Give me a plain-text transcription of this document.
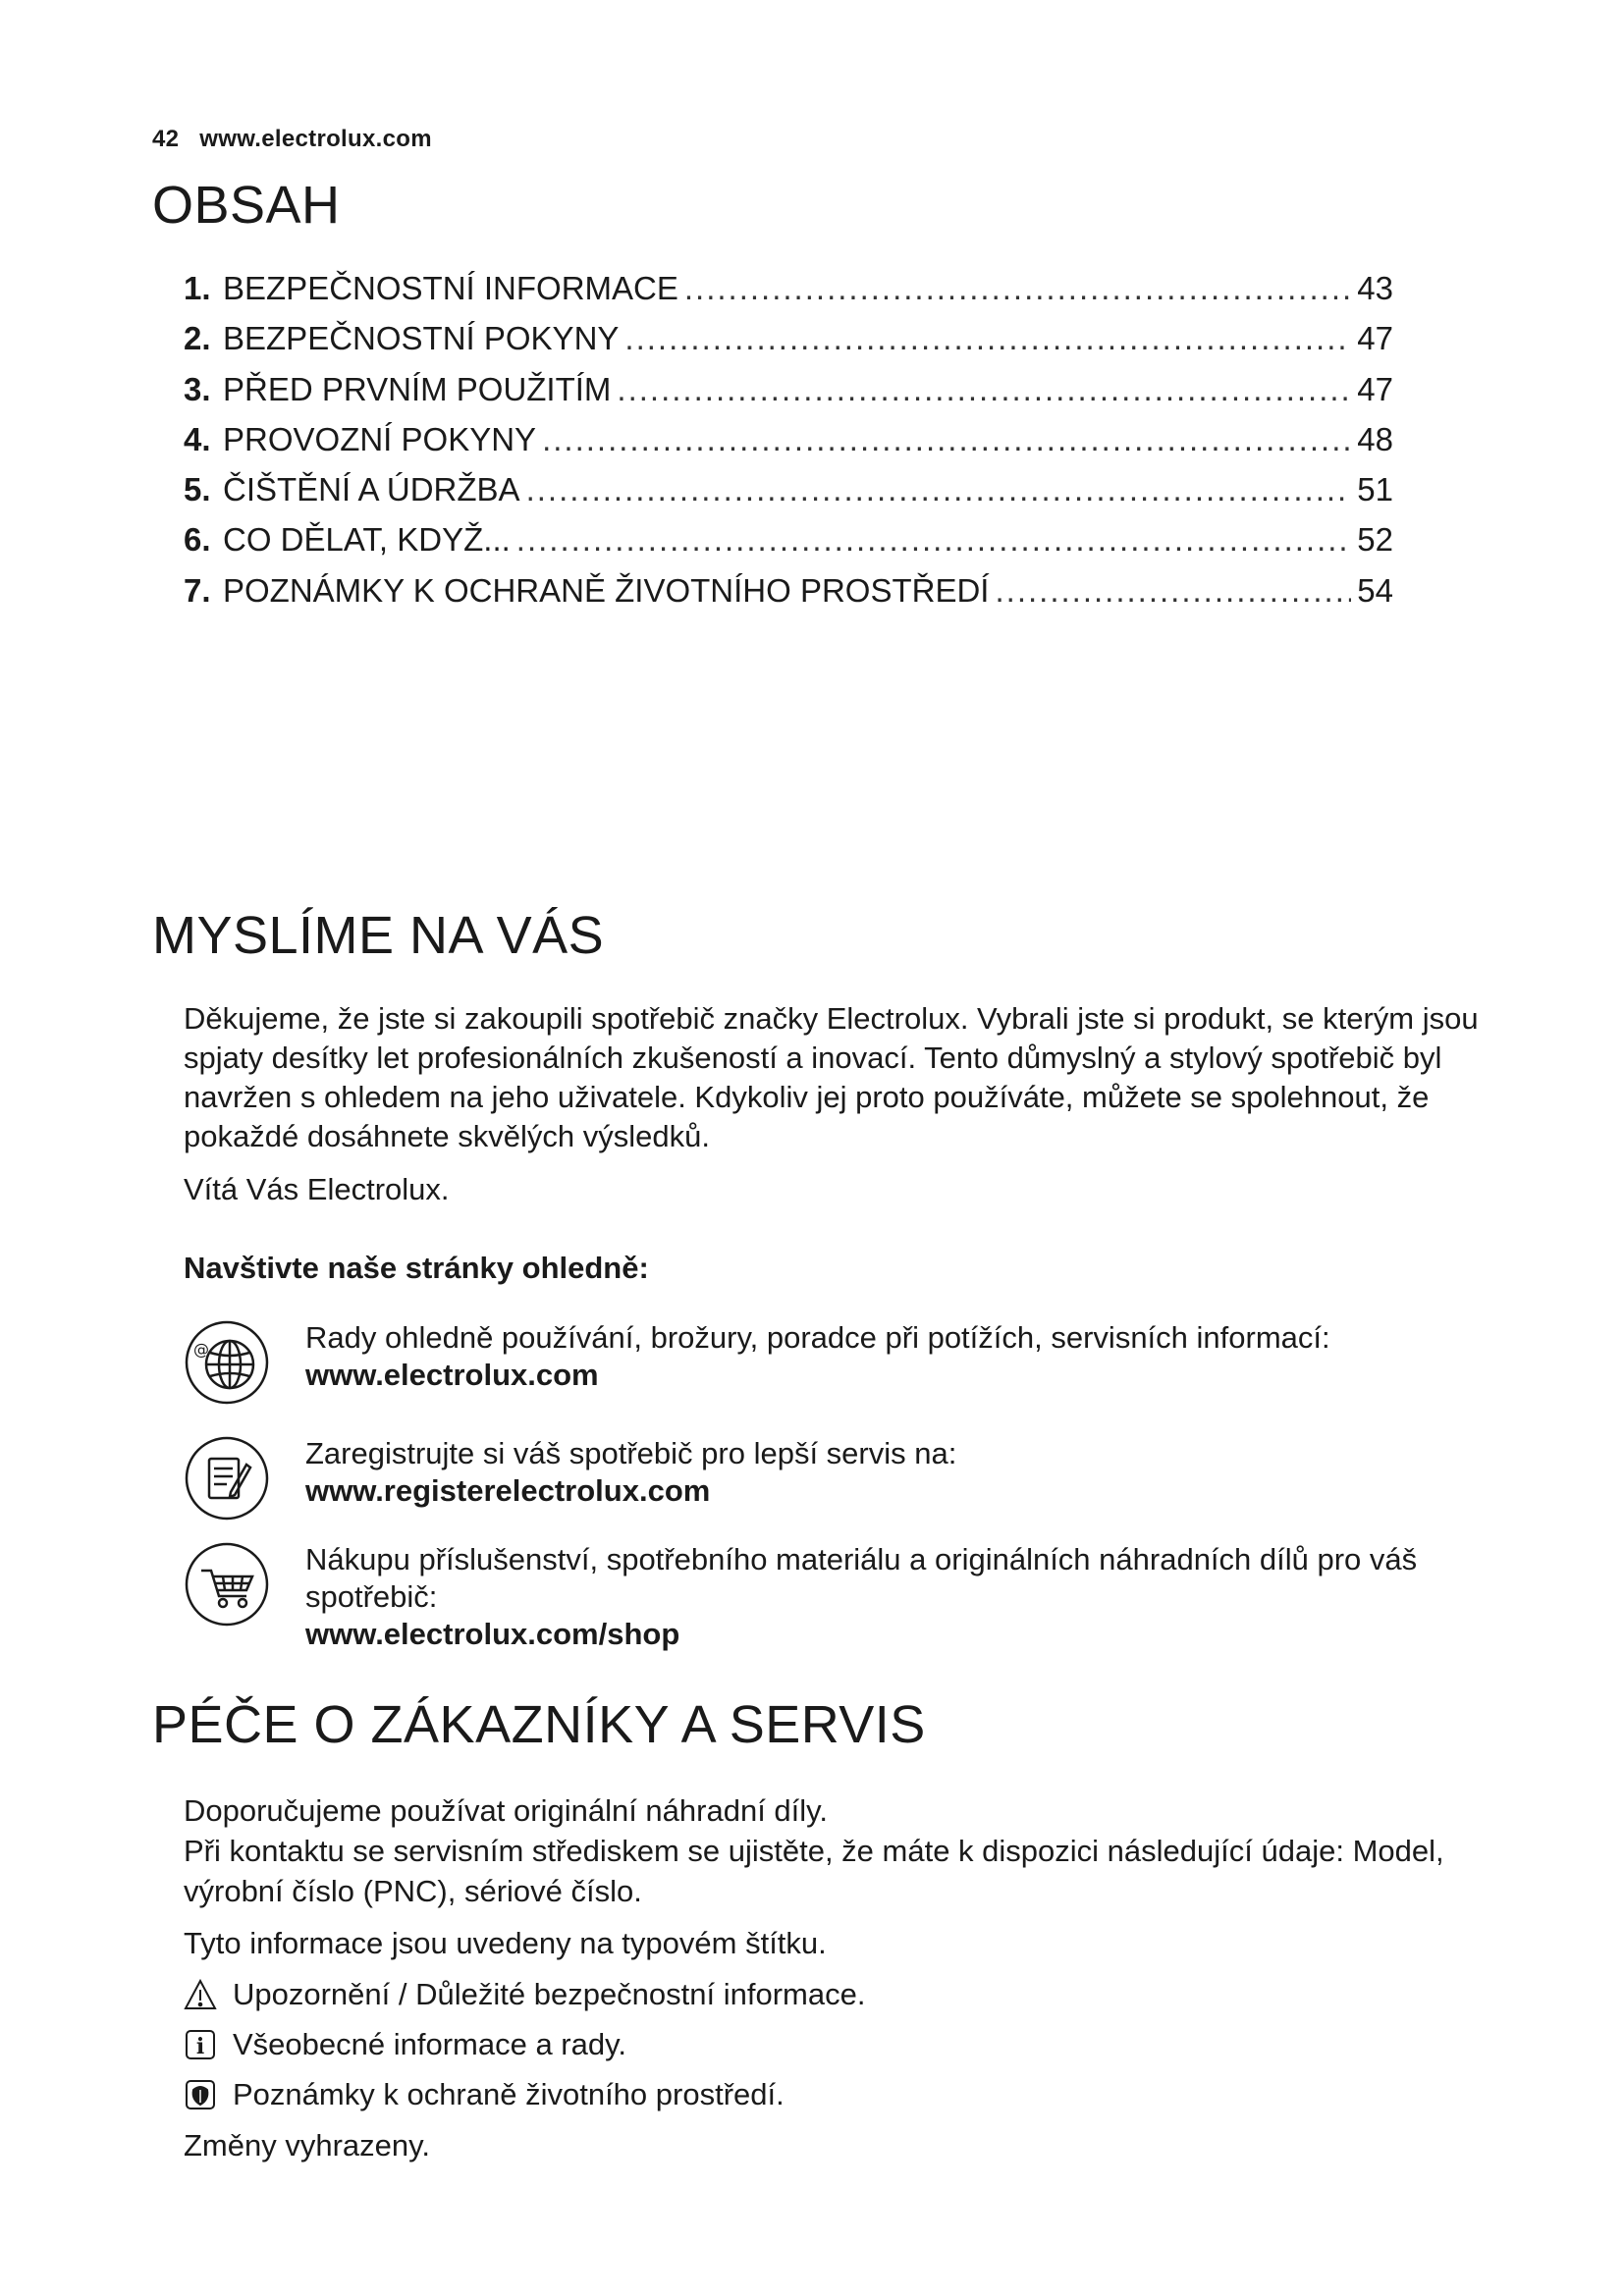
42 www.electrolux.com
OBSAH
1. BEZPEČNOSTNÍ INFORMACE .....	43
2. BEZPEČNOSTNÍ POKYNY .....	47
3. PŘED PRVNÍM POUŽITÍM .....	47
4. PROVOZNÍ POKYNY .....	48
5. ČIŠTĚNÍ A ÚDRŽBA .....	51
6. CO DĚLAT, KDYŽ... .....	52
7. POZNÁMKY K OCHRANĚ ŽIVOTNÍHO PROSTŘEDÍ .....	54
MYSLÍME NA VÁS

Děkujeme, že jste si zakoupili spotřebič značky Electrolux. Vybrali jste si produkt, se kterým jsou spjaty desítky let profesionálních zkušeností a inovací. Tento důmyslný a stylový spotřebič byl navržen s ohledem na jeho uživatele. Kdykoliv jej proto používáte, můžete se spolehnout, že pokaždé dosáhnete skvělých výsledků.

Vítá Vás Electrolux.

Navštivte naše stránky ohledně:
@	Rady ohledně používání, brožury, poradce při potížích, servisních informací:
www.electrolux.com
Zaregistrujte si váš spotřebič pro lepší servis na:
www.registerelectrolux.com
Nákupu příslušenství, spotřebního materiálu a originálních náhradních dílů pro váš spotřebič:
www.electrolux.com/shop
PÉČE O ZÁKAZNÍKY A SERVIS

Doporučujeme používat originální náhradní díly.
Při kontaktu se servisním střediskem se ujistěte, že máte k dispozici následující údaje: Model, výrobní číslo (PNC), sériové číslo.

Tyto informace jsou uvedeny na typovém štítku.

Upozornění / Důležité bezpečnostní informace.
i Všeobecné informace a rady.
Poznámky k ochraně životního prostředí.

Změny vyhrazeny.
